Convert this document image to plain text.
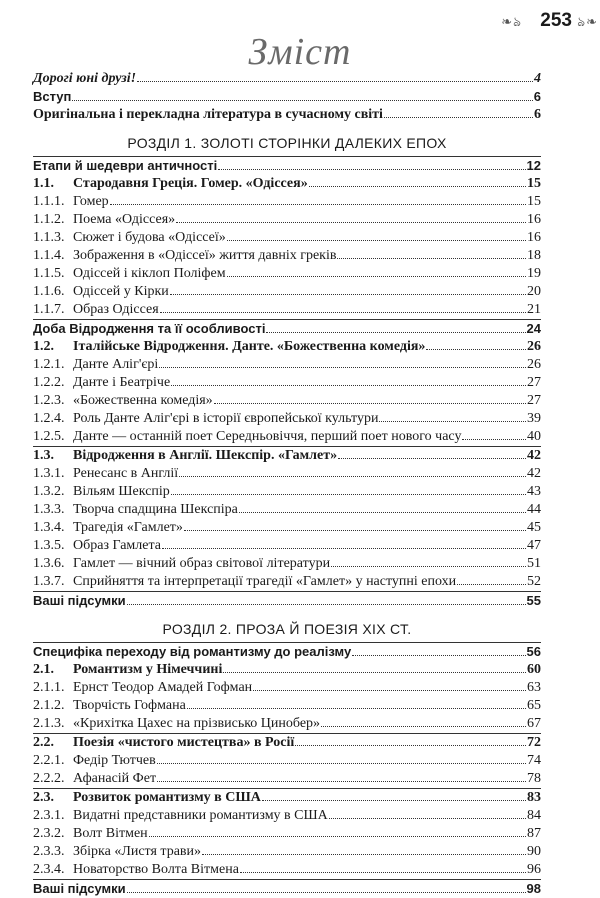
❧ঌ 253 ঌ❧
Зміст
Дорогі юні друзі!	4
Вступ	6
Оригінальна і перекладна література в сучасному світі	6
РОЗДІЛ 1. ЗОЛОТІ СТОРІНКИ ДАЛЕКИХ ЕПОХ
Етапи й шедеври античності	12
1.1. Стародавня Греція. Гомер. «Одіссея»	15
1.1.1. Гомер	15
1.1.2. Поема «Одіссея»	16
1.1.3. Сюжет і будова «Одіссеї»	16
1.1.4. Зображення в «Одіссеї» життя давніх греків	18
1.1.5. Одіссей і кіклоп Поліфем	19
1.1.6. Одіссей у Кірки	20
1.1.7. Образ Одіссея	21
Доба Відродження та її особливості	24
1.2. Італійське Відродження. Данте. «Божественна комедія»	26
1.2.1. Данте Аліг'єрі	26
1.2.2. Данте і Беатріче	27
1.2.3. «Божественна комедія»	27
1.2.4. Роль Данте Аліг'єрі в історії європейської культури	39
1.2.5. Данте — останній поет Середньовіччя, перший поет нового часу	40
1.3. Відродження в Англії. Шекспір. «Гамлет»	42
1.3.1. Ренесанс в Англії	42
1.3.2. Вільям Шекспір	43
1.3.3. Творча спадщина Шекспіра	44
1.3.4. Трагедія «Гамлет»	45
1.3.5. Образ Гамлета	47
1.3.6. Гамлет — вічний образ світової літератури	51
1.3.7. Сприйняття та інтерпретації трагедії «Гамлет» у наступні епохи	52
Ваші підсумки	55
РОЗДІЛ 2. ПРОЗА Й ПОЕЗІЯ XIX СТ.
Специфіка переходу від романтизму до реалізму	56
2.1. Романтизм у Німеччині	60
2.1.1. Ернст Теодор Амадей Гофман	63
2.1.2. Творчість Гофмана	65
2.1.3. «Крихітка Цахес на прізвисько Цинобер»	67
2.2. Поезія «чистого мистецтва» в Росії	72
2.2.1. Федір Тютчев	74
2.2.2. Афанасій Фет	78
2.3. Розвиток романтизму в США	83
2.3.1. Видатні представники романтизму в США	84
2.3.2. Волт Вітмен	87
2.3.3. Збірка «Листя трави»	90
2.3.4. Новаторство Волта Вітмена	96
Ваші підсумки	98
